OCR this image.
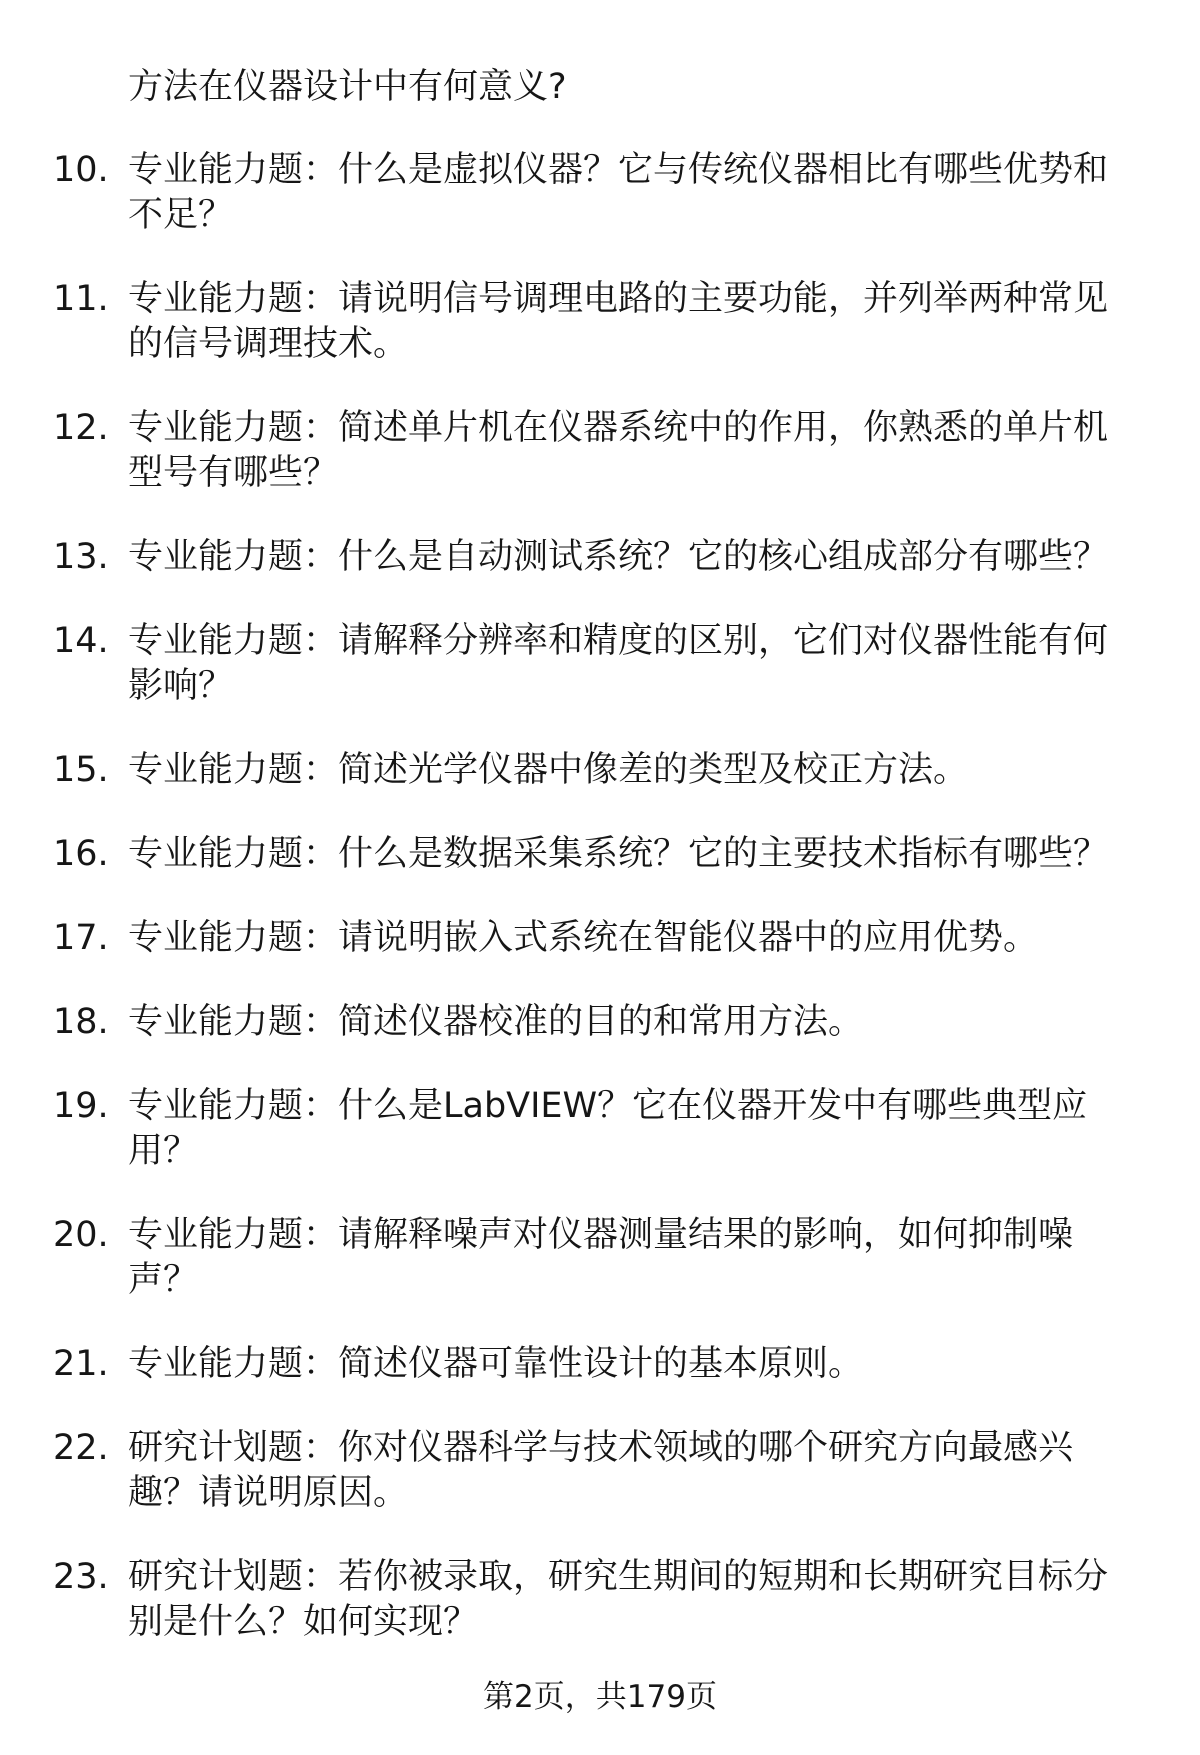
方法在仪器设计中有何意义?
10. 专业能力题：什么是虚拟仪器？它与传统仪器相比有哪些优势和不足？
11. 专业能力题：请说明信号调理电路的主要功能，并列举两种常见的信号调理技术。
12. 专业能力题：简述单片机在仪器系统中的作用，你熟悉的单片机型号有哪些？
13. 专业能力题：什么是自动测试系统？它的核心组成部分有哪些？
14. 专业能力题：请解释分辨率和精度的区别，它们对仪器性能有何影响？
15. 专业能力题：简述光学仪器中像差的类型及校正方法。
16. 专业能力题：什么是数据采集系统？它的主要技术指标有哪些？
17. 专业能力题：请说明嵌入式系统在智能仪器中的应用优势。
18. 专业能力题：简述仪器校准的目的和常用方法。
19. 专业能力题：什么是LabVIEW？它在仪器开发中有哪些典型应用？
20. 专业能力题：请解释噪声对仪器测量结果的影响，如何抑制噪声？
21. 专业能力题：简述仪器可靠性设计的基本原则。
22. 研究计划题：你对仪器科学与技术领域的哪个研究方向最感兴趣？请说明原因。
23. 研究计划题：若你被录取，研究生期间的短期和长期研究目标分别是什么？如何实现？
第2页，共179页
